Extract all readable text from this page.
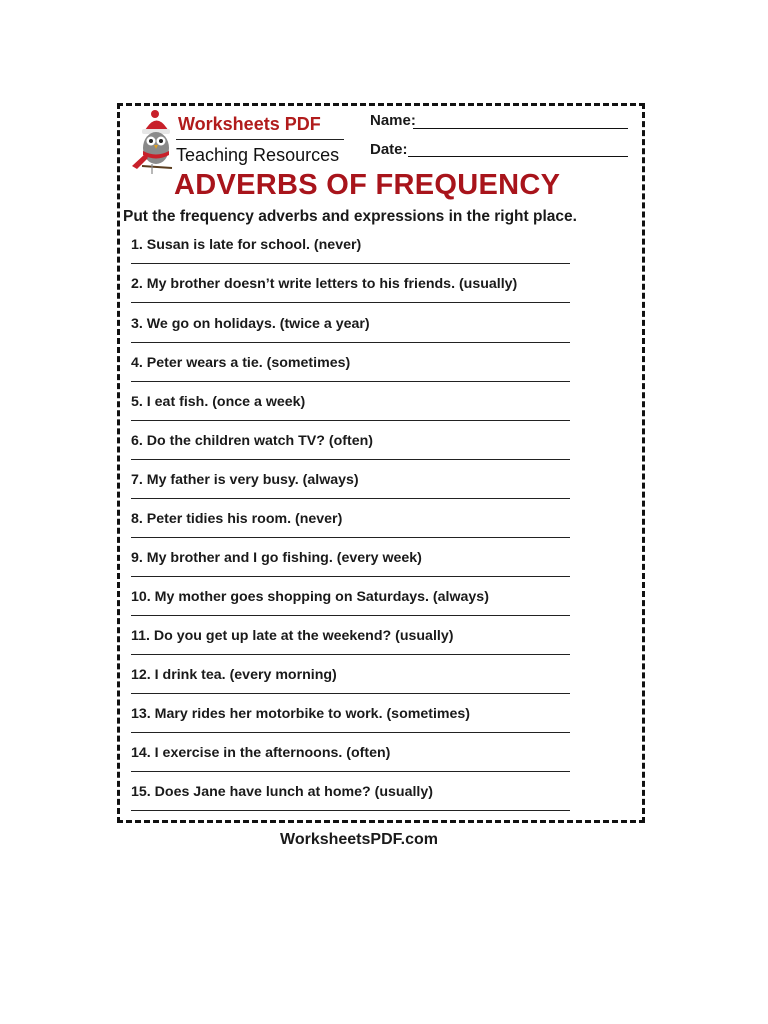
Worksheets PDF
Teaching Resources
Name:
Date:
ADVERBS OF FREQUENCY
Put the frequency adverbs and expressions in the right place.
1. Susan is late for school. (never)
2. My brother doesn’t write letters to his friends. (usually)
3. We go on holidays. (twice a year)
4. Peter wears a tie. (sometimes)
5. I eat fish. (once a week)
6. Do the children watch TV? (often)
7. My father is very busy. (always)
8. Peter tidies his room. (never)
9. My brother and I go fishing. (every week)
10. My mother goes shopping on Saturdays. (always)
11. Do you get up late at the weekend? (usually)
12. I drink tea. (every morning)
13. Mary rides her motorbike to work. (sometimes)
14. I exercise in the afternoons. (often)
15. Does Jane have lunch at home? (usually)
WorksheetsPDF.com
